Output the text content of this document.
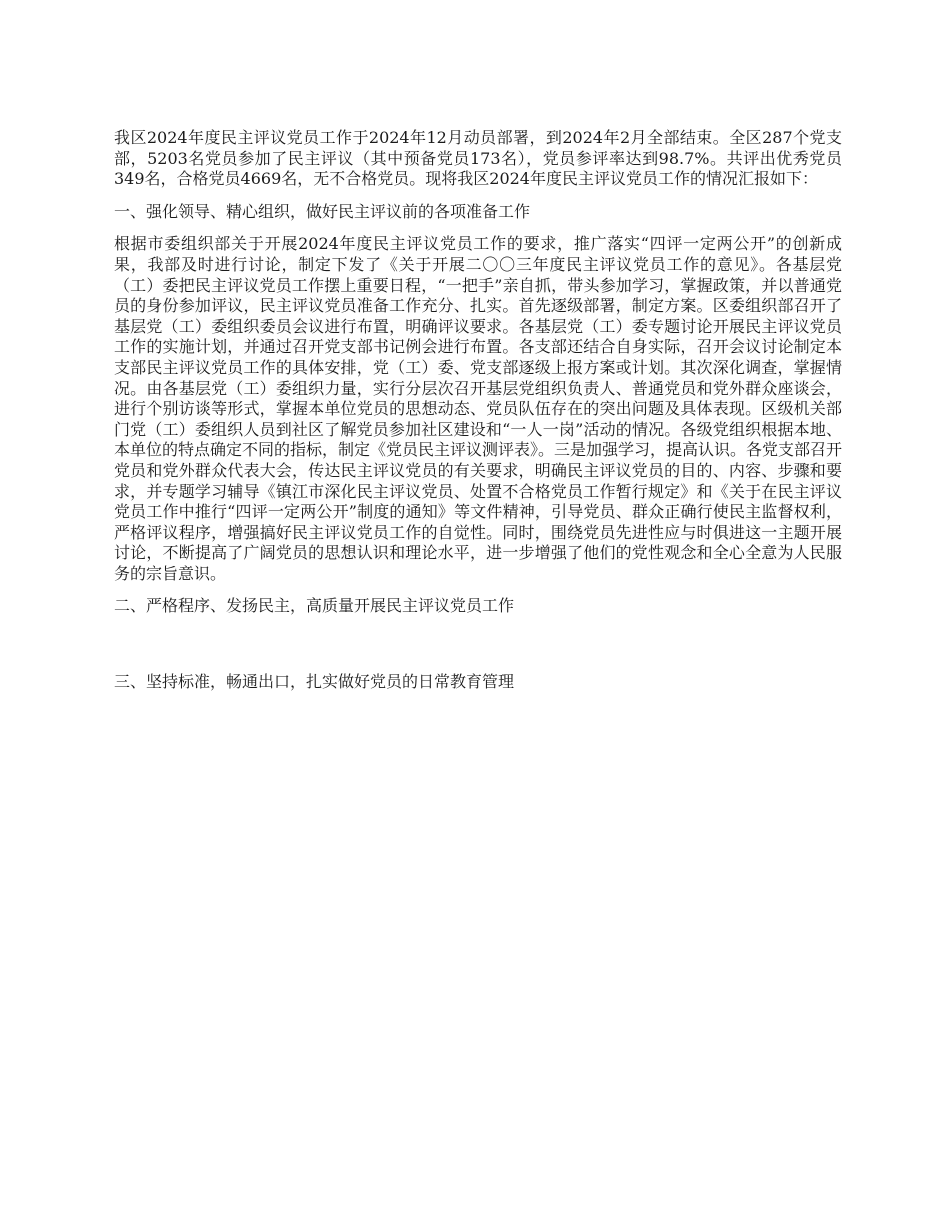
我区2024年度民主评议党员工作于2024年12月动员部署，到2024年2月全部结束。全区287个党支部，5203名党员参加了民主评议（其中预备党员173名），党员参评率达到98.7%。共评出优秀党员349名，合格党员4669名，无不合格党员。现将我区2024年度民主评议党员工作的情况汇报如下：

一、强化领导、精心组织，做好民主评议前的各项准备工作

根据市委组织部关于开展2024年度民主评议党员工作的要求，推广落实“四评一定两公开”的创新成果，我部及时进行讨论，制定下发了《关于开展二〇〇三年度民主评议党员工作的意见》。各基层党（工）委把民主评议党员工作摆上重要日程，“一把手”亲自抓，带头参加学习，掌握政策，并以普通党员的身份参加评议，民主评议党员准备工作充分、扎实。首先逐级部署，制定方案。区委组织部召开了基层党（工）委组织委员会议进行布置，明确评议要求。各基层党（工）委专题讨论开展民主评议党员工作的实施计划，并通过召开党支部书记例会进行布置。各支部还结合自身实际，召开会议讨论制定本支部民主评议党员工作的具体安排，党（工）委、党支部逐级上报方案或计划。其次深化调查，掌握情况。由各基层党（工）委组织力量，实行分层次召开基层党组织负责人、普通党员和党外群众座谈会，进行个别访谈等形式，掌握本单位党员的思想动态、党员队伍存在的突出问题及具体表现。区级机关部门党（工）委组织人员到社区了解党员参加社区建设和“一人一岗”活动的情况。各级党组织根据本地、本单位的特点确定不同的指标，制定《党员民主评议测评表》。三是加强学习，提高认识。各党支部召开党员和党外群众代表大会，传达民主评议党员的有关要求，明确民主评议党员的目的、内容、步骤和要求，并专题学习辅导《镇江市深化民主评议党员、处置不合格党员工作暂行规定》和《关于在民主评议党员工作中推行“四评一定两公开”制度的通知》等文件精神，引导党员、群众正确行使民主监督权利，严格评议程序，增强搞好民主评议党员工作的自觉性。同时，围绕党员先进性应与时俱进这一主题开展讨论，不断提高了广阔党员的思想认识和理论水平，进一步增强了他们的党性观念和全心全意为人民服务的宗旨意识。

二、严格程序、发扬民主，高质量开展民主评议党员工作

三、坚持标准，畅通出口，扎实做好党员的日常教育管理
